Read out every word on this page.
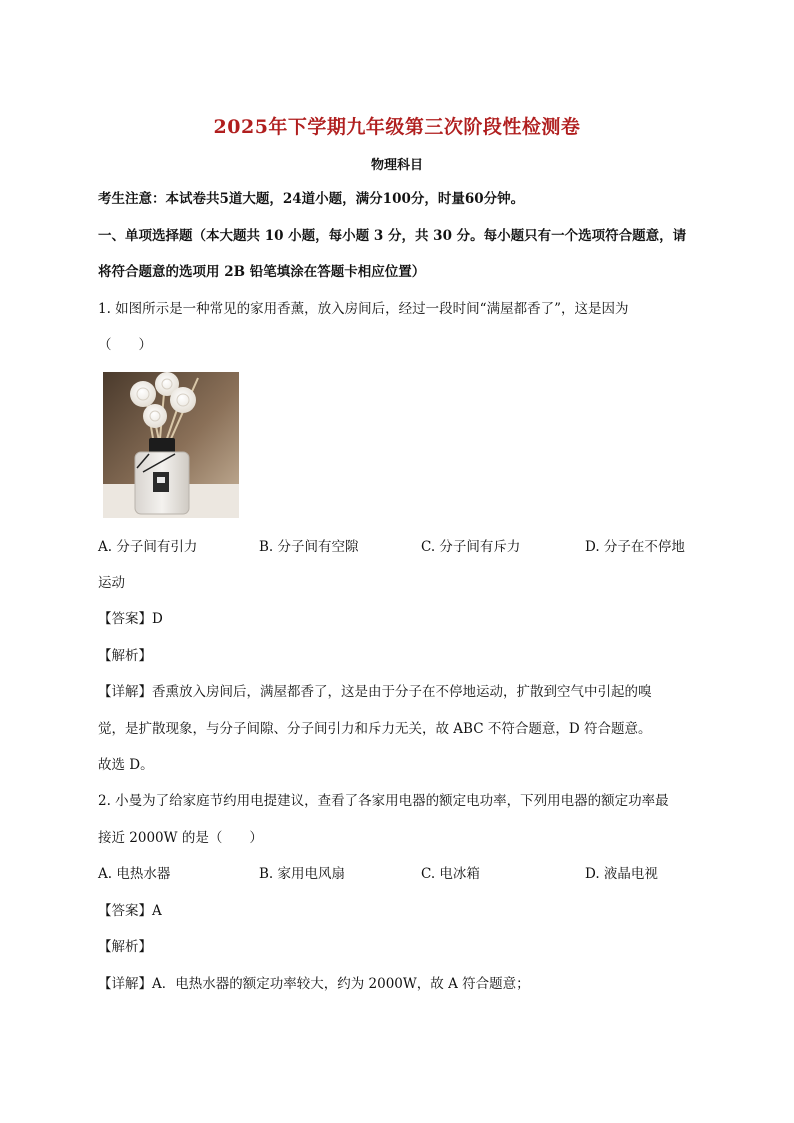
2025年下学期九年级第三次阶段性检测卷
物理科目
考生注意：本试卷共5道大题，24道小题，满分100分，时量60分钟。
一、单项选择题（本大题共 10 小题，每小题 3 分，共 30 分。每小题只有一个选项符合题意，请
将符合题意的选项用 2B 铅笔填涂在答题卡相应位置）
1. 如图所示是一种常见的家用香薰，放入房间后，经过一段时间“满屋都香了”，这是因为
（　　）
A. 分子间有引力	B. 分子间有空隙	C. 分子间有斥力	D. 分子在不停地
运动
【答案】D
【解析】
【详解】香熏放入房间后，满屋都香了，这是由于分子在不停地运动，扩散到空气中引起的嗅
觉，是扩散现象，与分子间隙、分子间引力和斥力无关，故 ABC 不符合题意，D 符合题意。
故选 D。
2. 小曼为了给家庭节约用电提建议，查看了各家用电器的额定电功率，下列用电器的额定功率最
接近 2000W 的是（　　）
A. 电热水器	B. 家用电风扇	C. 电冰箱	D. 液晶电视
【答案】A
【解析】
【详解】A．电热水器的额定功率较大，约为 2000W，故 A 符合题意；
